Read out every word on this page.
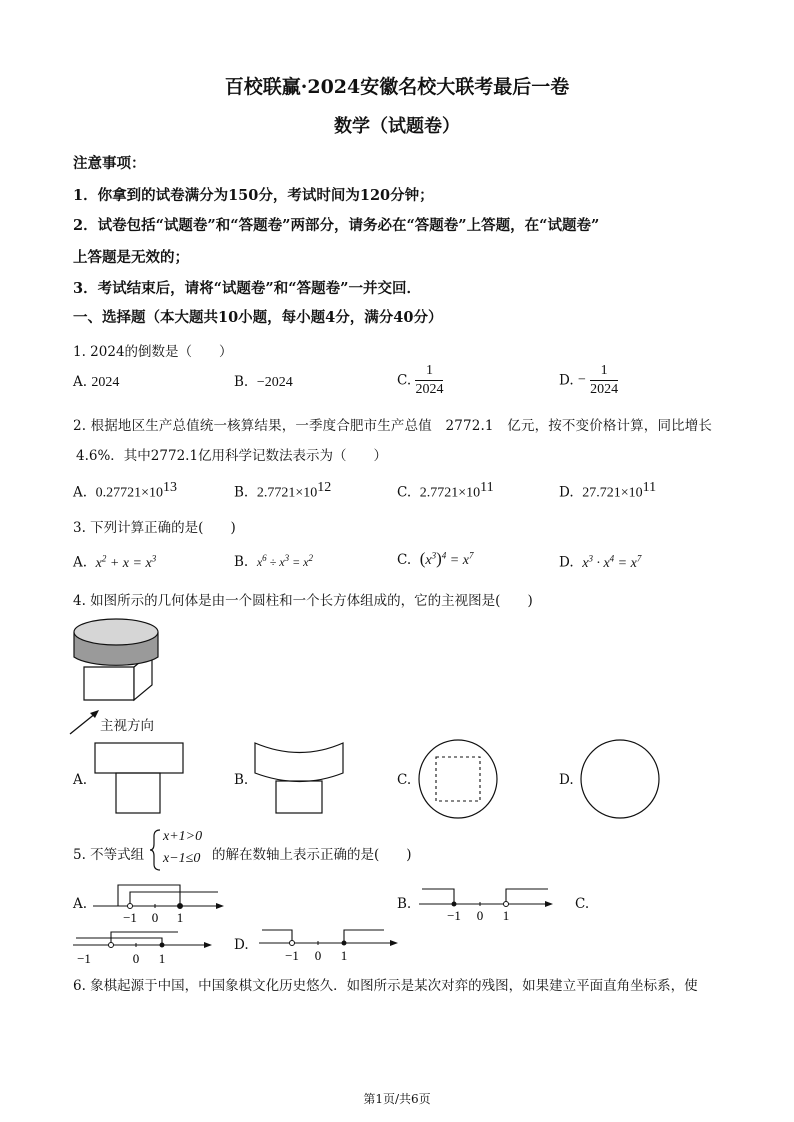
百校联赢·2024安徽名校大联考最后一卷
数学（试题卷）
注意事项：
1．你拿到的试卷满分为150分，考试时间为120分钟；
2．试卷包括“试题卷”和“答题卷”两部分，请务必在“答题卷”上答题，在“试题卷”
上答题是无效的；
3．考试结束后，请将“试题卷”和“答题卷”一并交回．
一、选择题（本大题共10小题，每小题4分，满分40分）
1. 2024的倒数是（　　）
A. 2024	B. −2024	C. $\frac{1}{2024}$	D. − $\frac{1}{2024}$
2. 根据地区生产总值统一核算结果，一季度合肥市生产总值　2772.1　亿元，按不变价格计算，同比增长
4.6%．其中2772.1亿用科学记数法表示为（　　）
A. $0.27721\times 10^{13}$	B. $2.7721\times 10^{12}$	C. $2.7721\times 10^{11}$	D. $27.721\times 10^{11}$
3. 下列计算正确的是(　　)
A. $x^2 + x = x^3$	B. $x^6 \div x^3 = x^2$	C. $(x^3)^4 = x^7$	D. $x^3 \cdot x^4 = x^7$
4. 如图所示的几何体是由一个圆柱和一个长方体组成的，它的主视图是(　　)
主视方向
A.	B.	C.	D.
5. 不等式组
x+1>0
x−1≤0 的解在数轴上表示正确的是(　　)
A.
−1 0 1
B.
−1 0 1
C.
−1	0 1
D.
−1 0 1
6. 象棋起源于中国，中国象棋文化历史悠久．如图所示是某次对弈的残图，如果建立平面直角坐标系，使
第1页/共6页
